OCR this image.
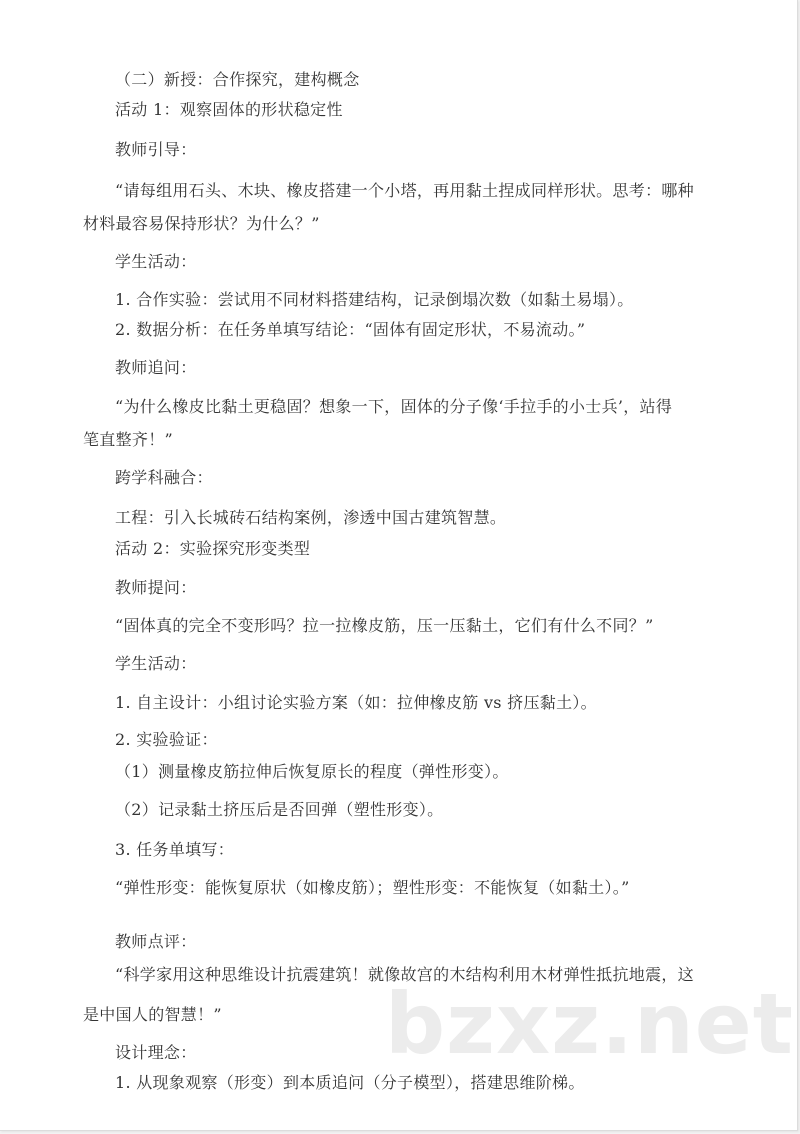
bzxz.net
（二）新授：合作探究，建构概念
活动 1：观察固体的形状稳定性
教师引导：
“请每组用石头、木块、橡皮搭建一个小塔，再用黏土捏成同样形状。思考：哪种
材料最容易保持形状？为什么？”
学生活动：
1. 合作实验：尝试用不同材料搭建结构，记录倒塌次数（如黏土易塌）。
2. 数据分析：在任务单填写结论：“固体有固定形状，不易流动。”
教师追问：
“为什么橡皮比黏土更稳固？想象一下，固体的分子像‘手拉手的小士兵’，站得
笔直整齐！”
跨学科融合：
工程：引入长城砖石结构案例，渗透中国古建筑智慧。
活动 2：实验探究形变类型
教师提问：
“固体真的完全不变形吗？拉一拉橡皮筋，压一压黏土，它们有什么不同？”
学生活动：
1. 自主设计：小组讨论实验方案（如：拉伸橡皮筋 vs 挤压黏土）。
2. 实验验证：
（1）测量橡皮筋拉伸后恢复原长的程度（弹性形变）。
（2）记录黏土挤压后是否回弹（塑性形变）。
3. 任务单填写：
“弹性形变：能恢复原状（如橡皮筋）；塑性形变：不能恢复（如黏土）。”
教师点评：
“科学家用这种思维设计抗震建筑！就像故宫的木结构利用木材弹性抵抗地震，这
是中国人的智慧！”
设计理念：
1. 从现象观察（形变）到本质追问（分子模型），搭建思维阶梯。
